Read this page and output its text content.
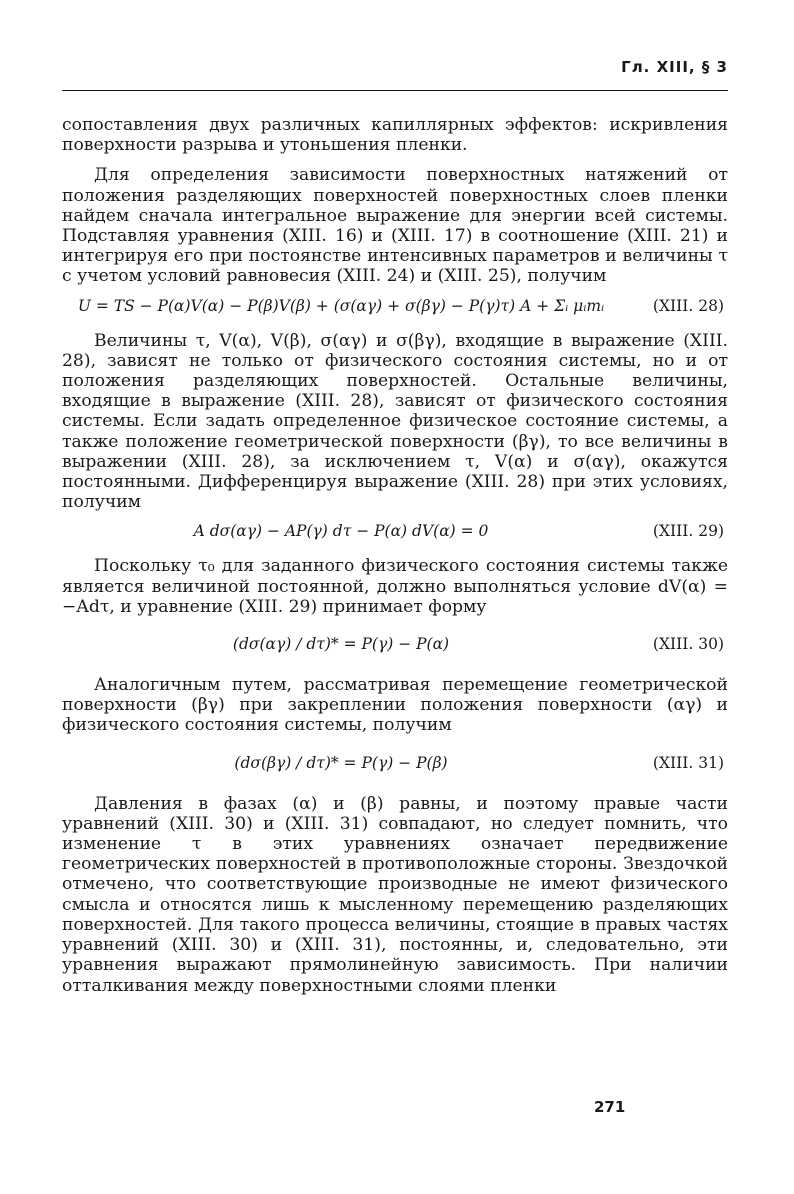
Гл. XIII, § 3

сопоставления двух различных капиллярных эффектов: искривления поверхности разрыва и утоньшения пленки.

Для определения зависимости поверхностных натяжений от положения разделяющих поверхностей поверхностных слоев пленки найдем сначала интегральное выражение для энергии всей системы. Подставляя уравнения (XIII. 16) и (XIII. 17) в соотношение (XIII. 21) и интегрируя его при постоянстве интенсивных параметров и величины τ с учетом условий равновесия (XIII. 24) и (XIII. 25), получим

U = TS − P(α)V(α) − P(β)V(β) + (σ(αγ) + σ(βγ) − P(γ)τ) A + Σᵢ μᵢmᵢ	(XIII. 28)

Величины τ, V(α), V(β), σ(αγ) и σ(βγ), входящие в выражение (XIII. 28), зависят не только от физического состояния системы, но и от положения разделяющих поверхностей. Остальные величины, входящие в выражение (XIII. 28), зависят от физического состояния системы. Если задать определенное физическое состояние системы, а также положение геометрической поверхности (βγ), то все величины в выражении (XIII. 28), за исключением τ, V(α) и σ(αγ), окажутся постоянными. Дифференцируя выражение (XIII. 28) при этих условиях, получим

A dσ(αγ) − AP(γ) dτ − P(α) dV(α) = 0	(XIII. 29)

Поскольку τ₀ для заданного физического состояния системы также является величиной постоянной, должно выполняться условие dV(α) = −Adτ, и уравнение (XIII. 29) принимает форму

(dσ(αγ) / dτ)* = P(γ) − P(α)	(XIII. 30)

Аналогичным путем, рассматривая перемещение геометрической поверхности (βγ) при закреплении положения поверхности (αγ) и физического состояния системы, получим

(dσ(βγ) / dτ)* = P(γ) − P(β)	(XIII. 31)

Давления в фазах (α) и (β) равны, и поэтому правые части уравнений (XIII. 30) и (XIII. 31) совпадают, но следует помнить, что изменение τ в этих уравнениях означает передвижение геометрических поверхностей в противоположные стороны. Звездочкой отмечено, что соответствующие производные не имеют физического смысла и относятся лишь к мысленному перемещению разделяющих поверхностей. Для такого процесса величины, стоящие в правых частях уравнений (XIII. 30) и (XIII. 31), постоянны, и, следовательно, эти уравнения выражают прямолинейную зависимость. При наличии отталкивания между поверхностными слоями пленки

271
